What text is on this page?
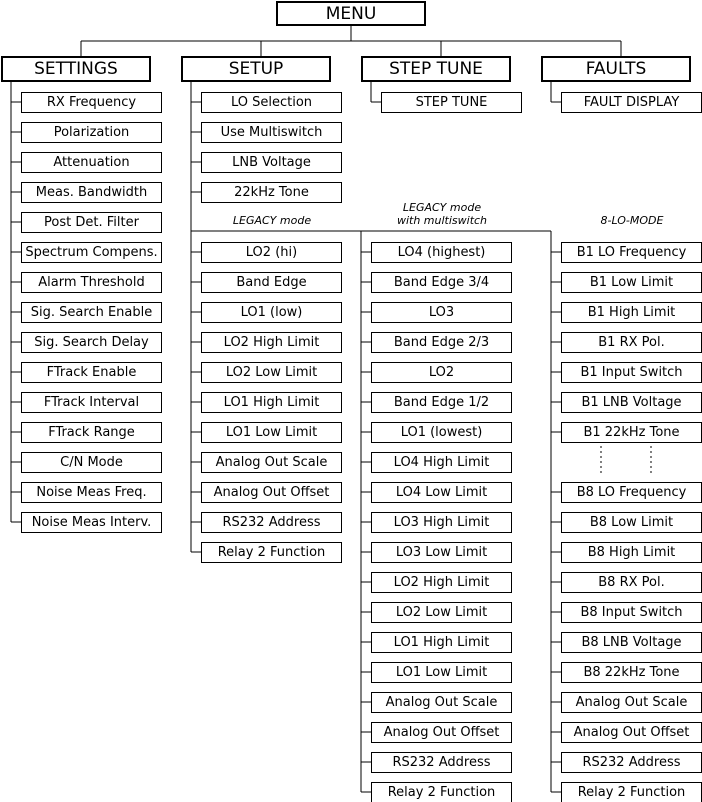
MENU
SETTINGS	SETUP	STEP TUNE	FAULTS
LEGACY mode
LEGACY mode
with multiswitch	8-LO-MODE
RX Frequency
Polarization
Attenuation
Meas. Bandwidth
Post Det. Filter
Spectrum Compens.
Alarm Threshold
Sig. Search Enable
Sig. Search Delay
FTrack Enable
FTrack Interval
FTrack Range
C/N Mode
Noise Meas Freq.
Noise Meas Interv.
LO Selection
Use Multiswitch
LNB Voltage
22kHz Tone
LO2 (hi)
Band Edge
LO1 (low)
LO2 High Limit
LO2 Low Limit
LO1 High Limit
LO1 Low Limit
Analog Out Scale
Analog Out Offset
RS232 Address
Relay 2 Function
LO4 (highest)
Band Edge 3/4
LO3
Band Edge 2/3
LO2
Band Edge 1/2
LO1 (lowest)
LO4 High Limit
LO4 Low Limit
LO3 High Limit
LO3 Low Limit
LO2 High Limit
LO2 Low Limit
LO1 High Limit
LO1 Low Limit
Analog Out Scale
Analog Out Offset
RS232 Address
Relay 2 Function
B1 LO Frequency
B1 Low Limit
B1 High Limit
B1 RX Pol.
B1 Input Switch
B1 LNB Voltage
B1 22kHz Tone
B8 LO Frequency
B8 Low Limit
B8 High Limit
B8 RX Pol.
B8 Input Switch
B8 LNB Voltage
B8 22kHz Tone
Analog Out Scale
Analog Out Offset
RS232 Address
Relay 2 Function
STEP TUNE	FAULT DISPLAY
